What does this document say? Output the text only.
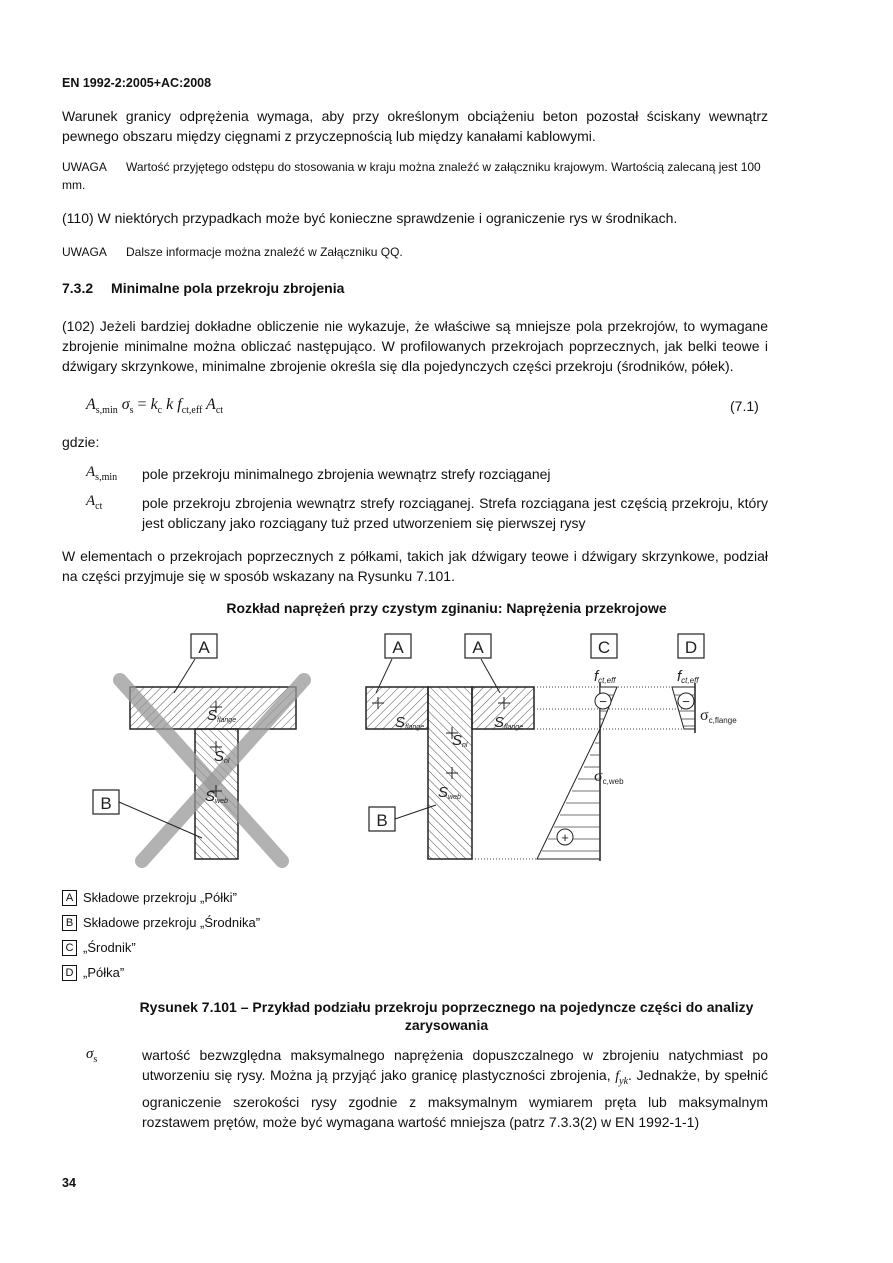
EN 1992-2:2005+AC:2008
Warunek granicy odprężenia wymaga, aby przy określonym obciążeniu beton pozostał ściskany wewnątrz pewnego obszaru między cięgnami z przyczepnością lub między kanałami kablowymi.
UWAGA Wartość przyjętego odstępu do stosowania w kraju można znaleźć w załączniku krajowym. Wartością zalecaną jest 100 mm.
(110) W niektórych przypadkach może być konieczne sprawdzenie i ograniczenie rys w środnikach.
UWAGA Dalsze informacje można znaleźć w Załączniku QQ.
7.3.2 Minimalne pola przekroju zbrojenia
(102) Jeżeli bardziej dokładne obliczenie nie wykazuje, że właściwe są mniejsze pola przekrojów, to wymagane zbrojenie minimalne można obliczać następująco. W profilowanych przekrojach poprzecznych, jak belki teowe i dźwigary skrzynkowe, minimalne zbrojenie określa się dla pojedynczych części przekroju (środników, półek).
$A_{s,min}$ $\sigma_s = k_c$ k $f_{ct,eff}$ $A_{ct}$	(7.1)
gdzie:
$A_{s,min}$ pole przekroju minimalnego zbrojenia wewnątrz strefy rozciąganej
$A_{ct}$	pole przekroju zbrojenia wewnątrz strefy rozciąganej. Strefa rozciągana jest częścią przekroju, który jest obliczany jako rozciągany tuż przed utworzeniem się pierwszej rysy
W elementach o przekrojach poprzecznych z półkami, takich jak dźwigary teowe i dźwigary skrzynkowe, podział na części przyjmuje się w sposób wskazany na Rysunku 7.101.
Rozkład naprężeń przy czystym zginaniu: Naprężenia przekrojowe
Sflange
Snl
Sweb
A
B
Sflange	Sflange
Snl
Sweb
A	A
B
−
+
fct,eff
σc,web
C
−
fct,eff
σc,flange
D
A Składowe przekroju „Półki”
B Składowe przekroju „Środnika”
C „Środnik”
D „Półka”
Rysunek 7.101 – Przykład podziału przekroju poprzecznego na pojedyncze części do analizy zarysowania
$\sigma_s$	wartość bezwzględna maksymalnego naprężenia dopuszczalnego w zbrojeniu natychmiast po utworzeniu się rysy. Można ją przyjąć jako granicę plastyczności zbrojenia, $f_{yk}$. Jednakże, by spełnić ograniczenie szerokości rysy zgodnie z maksymalnym wymiarem pręta lub maksymalnym rozstawem prętów, może być wymagana wartość mniejsza (patrz 7.3.3(2) w EN 1992-1-1)
34
